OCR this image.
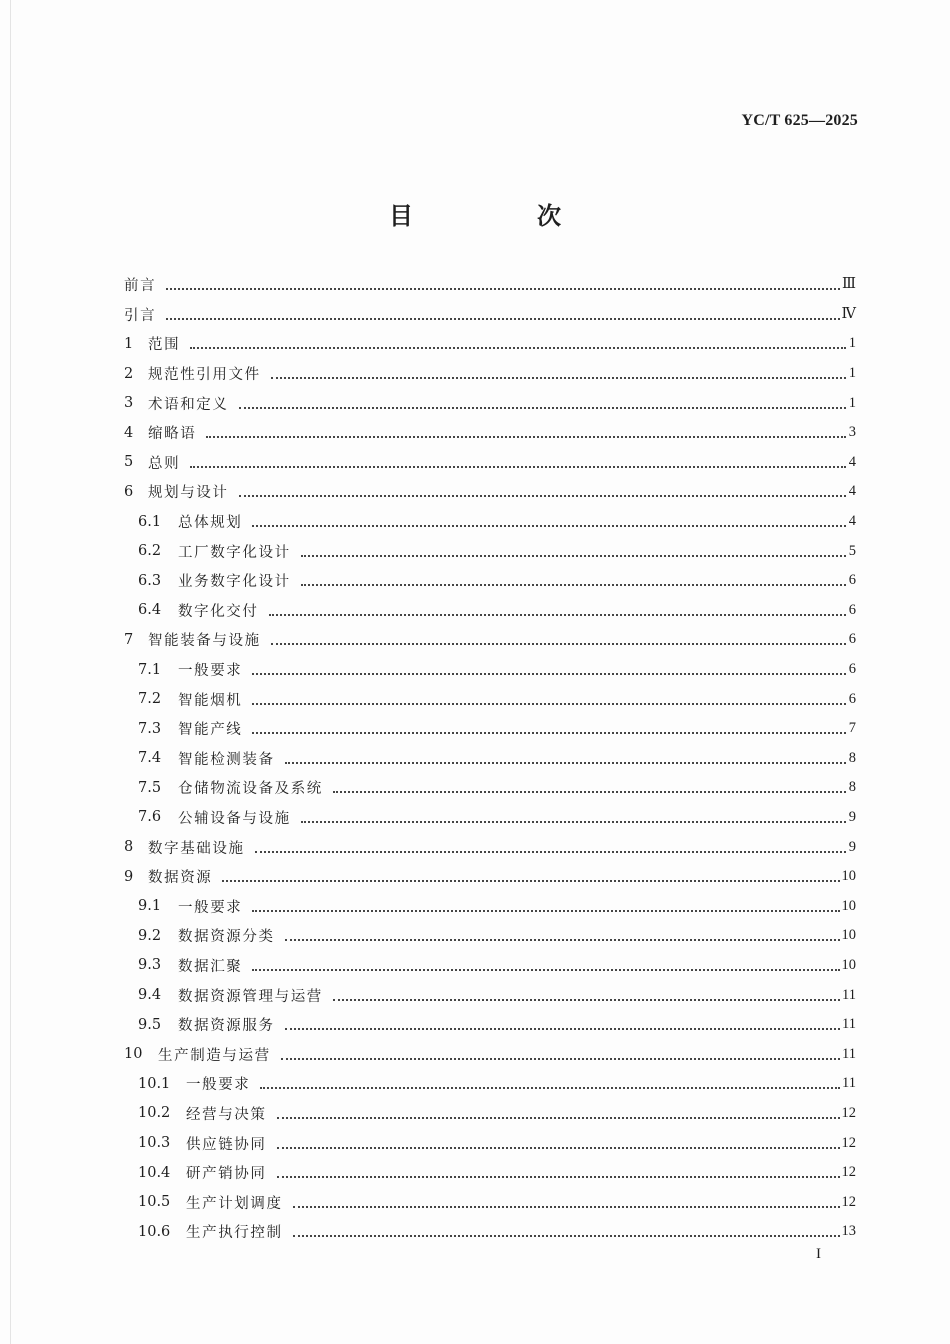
YC/T 625—2025
目　次
前言	Ⅲ
引言	Ⅳ
1	范围	1
2	规范性引用文件	1
3	术语和定义	1
4	缩略语	3
5	总则	4
6	规划与设计	4
6.1	总体规划	4
6.2	工厂数字化设计	5
6.3	业务数字化设计	6
6.4	数字化交付	6
7	智能装备与设施	6
7.1	一般要求	6
7.2	智能烟机	6
7.3	智能产线	7
7.4	智能检测装备	8
7.5	仓储物流设备及系统	8
7.6	公辅设备与设施	9
8	数字基础设施	9
9	数据资源	10
9.1	一般要求	10
9.2	数据资源分类	10
9.3	数据汇聚	10
9.4	数据资源管理与运营	11
9.5	数据资源服务	11
10	生产制造与运营	11
10.1	一般要求	11
10.2	经营与决策	12
10.3	供应链协同	12
10.4	研产销协同	12
10.5	生产计划调度	12
10.6	生产执行控制	13
I
